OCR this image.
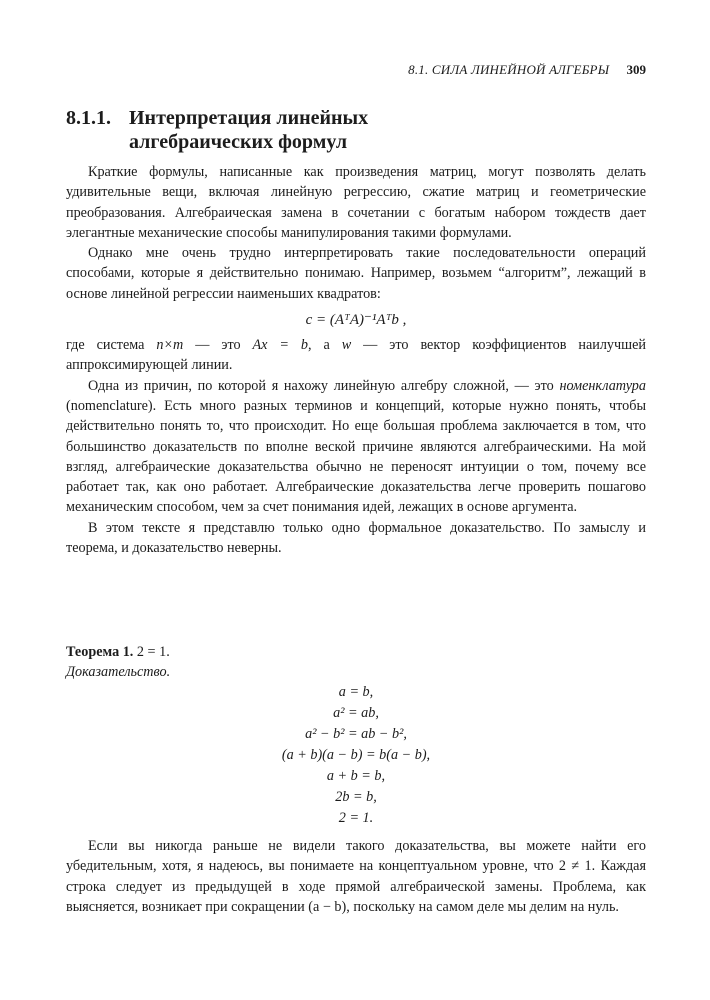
8.1. СИЛА ЛИНЕЙНОЙ АЛГЕБРЫ 309
8.1.1. Интерпретация линейных
алгебраических формул

Краткие формулы, написанные как произведения матриц, могут позволять делать удивительные вещи, включая линейную регрессию, сжатие матриц и геометрические преобразования. Алгебраическая замена в сочетании с богатым набором тождеств дает элегантные механические способы манипулирования такими формулами.

Однако мне очень трудно интерпретировать такие последовательности операций способами, которые я действительно понимаю. Например, возьмем “алгоритм”, лежащий в основе линейной регрессии наименьших квадратов:

c = (AᵀA)⁻¹Aᵀb ,

где система n×m — это Ax = b, а w — это вектор коэффициентов наилучшей аппроксимирующей линии.

Одна из причин, по которой я нахожу линейную алгебру сложной, — это номенклатура (nomenclature). Есть много разных терминов и концепций, которые нужно понять, чтобы действительно понять то, что происходит. Но еще большая проблема заключается в том, что большинство доказательств по вполне веской причине являются алгебраическими. На мой взгляд, алгебраические доказательства обычно не переносят интуиции о том, почему все работает так, как оно работает. Алгебраические доказательства легче проверить пошагово механическим способом, чем за счет понимания идей, лежащих в основе аргумента.

В этом тексте я представлю только одно формальное доказательство. По замыслу и теорема, и доказательство неверны.

Теорема 1. 2 = 1.
Доказательство.
a = b,
a² = ab,
a² − b² = ab − b²,
(a + b)(a − b) = b(a − b),
a + b = b,
2b = b,
2 = 1.

Если вы никогда раньше не видели такого доказательства, вы можете найти его убедительным, хотя, я надеюсь, вы понимаете на концептуальном уровне, что 2 ≠ 1. Каждая строка следует из предыдущей в ходе прямой алгебраической замены. Проблема, как выясняется, возникает при сокращении (a − b), поскольку на самом деле мы делим на нуль.
